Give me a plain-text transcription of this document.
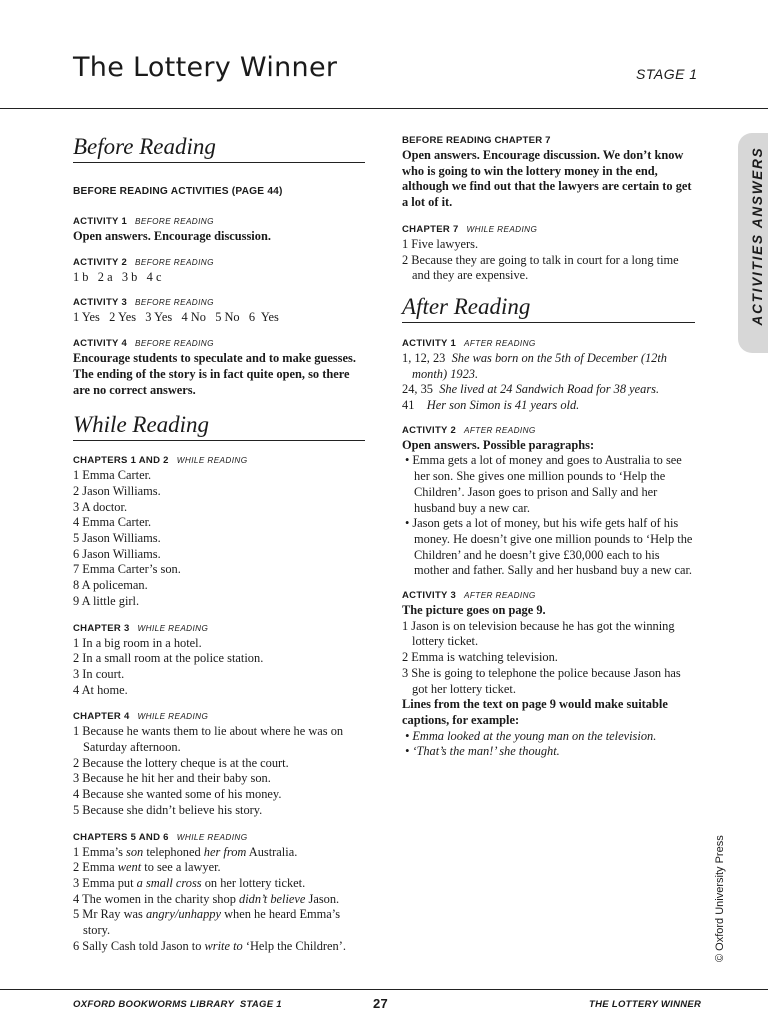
The Lottery Winner	STAGE 1
Before Reading
BEFORE READING ACTIVITIES (PAGE 44)
ACTIVITY 1 BEFORE READING
Open answers. Encourage discussion.
ACTIVITY 2 BEFORE READING
1 b   2 a   3 b   4 c
ACTIVITY 3 BEFORE READING
1 Yes   2 Yes   3 Yes   4 No   5 No   6  Yes
ACTIVITY 4 BEFORE READING
Encourage students to speculate and to make guesses. The ending of the story is in fact quite open, so there are no correct answers.
While Reading
CHAPTERS 1 AND 2 WHILE READING
1 Emma Carter.
2 Jason Williams.
3 A doctor.
4 Emma Carter.
5 Jason Williams.
6 Jason Williams.
7 Emma Carter’s son.
8 A policeman.
9 A little girl.
CHAPTER 3 WHILE READING
1 In a big room in a hotel.
2 In a small room at the police station.
3 In court.
4 At home.
CHAPTER 4 WHILE READING
1 Because he wants them to lie about where he was on Saturday afternoon.
2 Because the lottery cheque is at the court.
3 Because he hit her and their baby son.
4 Because she wanted some of his money.
5 Because she didn’t believe his story.
CHAPTERS 5 AND 6 WHILE READING
1 Emma’s son telephoned her from Australia.
2 Emma went to see a lawyer.
3 Emma put a small cross on her lottery ticket.
4 The women in the charity shop didn’t believe Jason.
5 Mr Ray was angry/unhappy when he heard Emma’s story.
6 Sally Cash told Jason to write to ‘Help the Children’.
BEFORE READING CHAPTER 7
Open answers. Encourage discussion. We don’t know who is going to win the lottery money in the end, although we find out that the lawyers are certain to get a lot of it.
CHAPTER 7 WHILE READING
1 Five lawyers.
2 Because they are going to talk in court for a long time and they are expensive.
After Reading
ACTIVITY 1 AFTER READING
1, 12, 23 She was born on the 5th of December (12th month) 1923.
24, 35 She lived at 24 Sandwich Road for 38 years.
41 Her son Simon is 41 years old.
ACTIVITY 2 AFTER READING
Open answers. Possible paragraphs:
• Emma gets a lot of money and goes to Australia to see her son. She gives one million pounds to ‘Help the Children’. Jason goes to prison and Sally and her husband buy a new car.
• Jason gets a lot of money, but his wife gets half of his money. He doesn’t give one million pounds to ‘Help the Children’ and he doesn’t give £30,000 each to his mother and father. Sally and her husband buy a new car.
ACTIVITY 3 AFTER READING
The picture goes on page 9.
1 Jason is on television because he has got the winning lottery ticket.
2 Emma is watching television.
3 She is going to telephone the police because Jason has got her lottery ticket.
Lines from the text on page 9 would make suitable captions, for example:
• Emma looked at the young man on the television.
• ‘That’s the man!’ she thought.
ACTIVITIES ANSWERS
© Oxford University Press
OXFORD BOOKWORMS LIBRARY  STAGE 1	27	THE LOTTERY WINNER
